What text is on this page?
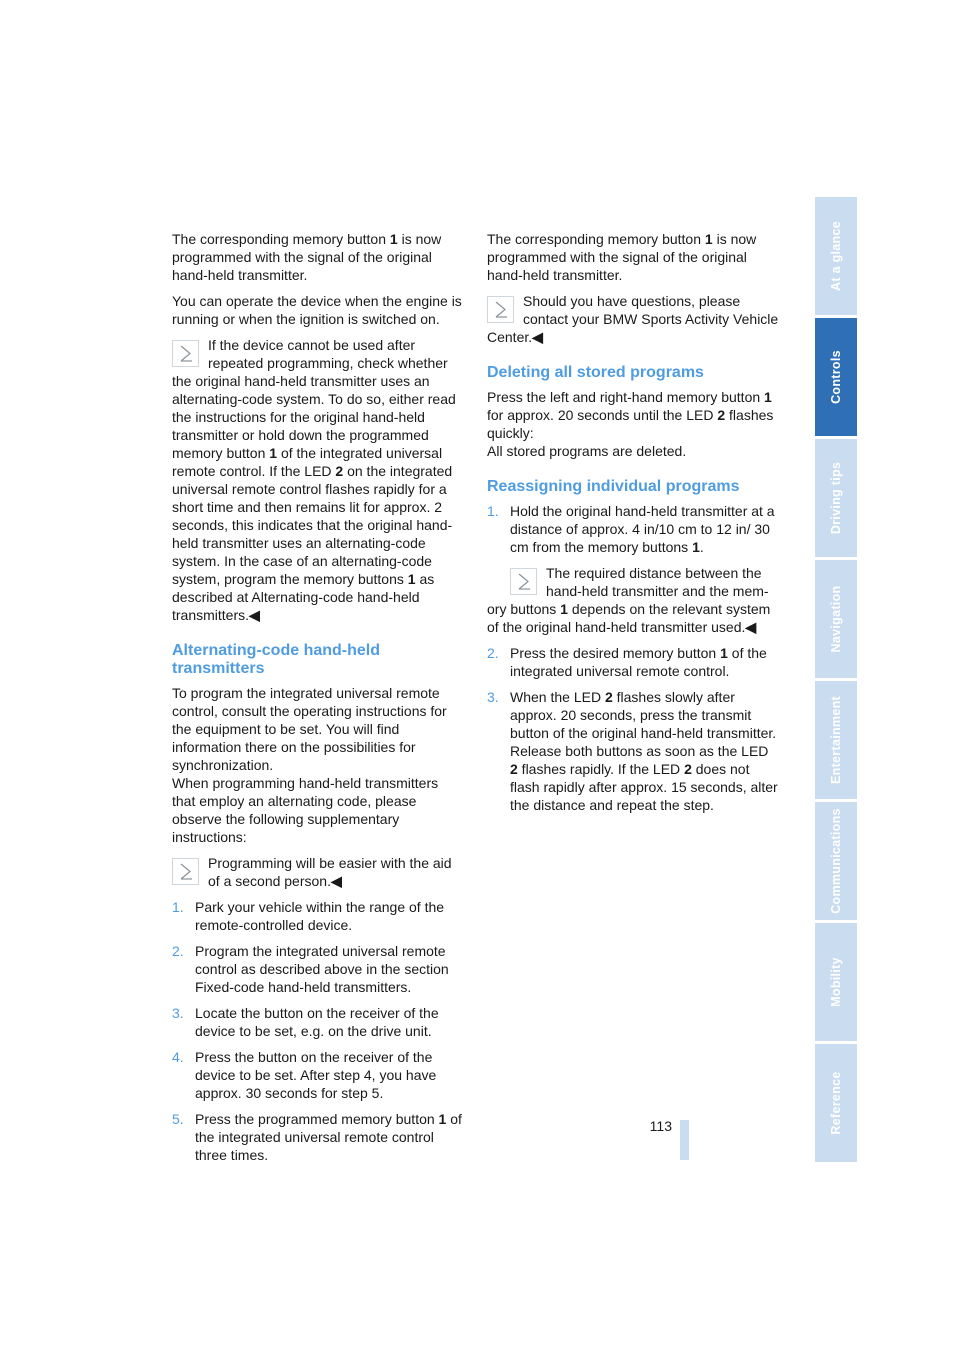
The corresponding memory button 1 is now programmed with the signal of the original hand-held transmitter.

You can operate the device when the engine is running or when the ignition is switched on.

If the device cannot be used after repeated programming, check whether
the original hand-held transmitter uses an alternating-code system. To do so, either read the instructions for the original hand-held transmitter or hold down the programmed memory button 1 of the integrated universal remote control. If the LED 2 on the integrated universal remote control flashes rapidly for a short time and then remains lit for approx. 2 seconds, this indicates that the original hand-held transmitter uses an alternating-code system. In the case of an alternating-code system, program the memory buttons 1 as described at Alternating-code hand-held transmitters.◀
Alternating-code hand-held transmitters

To program the integrated universal remote control, consult the operating instructions for the equipment to be set. You will find information there on the possibilities for synchronization.

When programming hand-held transmitters that employ an alternating code, please observe the following supplementary instructions:

Programming will be easier with the aid of a second person.◀
1. Park your vehicle within the range of the remote-controlled device.
2. Program the integrated universal remote control as described above in the section Fixed-code hand-held transmitters.
3. Locate the button on the receiver of the device to be set, e.g. on the drive unit.
4. Press the button on the receiver of the device to be set. After step 4, you have approx. 30 seconds for step 5.
5. Press the programmed memory button 1 of the integrated universal remote control three times.

The corresponding memory button 1 is now programmed with the signal of the original hand-held transmitter.

Should you have questions, please contact your BMW Sports Activity Vehicle
Center.◀
Deleting all stored programs

Press the left and right-hand memory button 1 for approx. 20 seconds until the LED 2 flashes quickly:

All stored programs are deleted.

Reassigning individual programs
1. Hold the original hand-held transmitter at a distance of approx. 4 in/10 cm to 12 in/ 30 cm from the memory buttons 1.
The required distance between the hand-held transmitter and the mem-
ory buttons 1 depends on the relevant system of the original hand-held transmitter used.◀
2. Press the desired memory button 1 of the integrated universal remote control.
3. When the LED 2 flashes slowly after approx. 20 seconds, press the transmit button of the original hand-held transmitter. Release both buttons as soon as the LED 2 flashes rapidly. If the LED 2 does not flash rapidly after approx. 15 seconds, alter the distance and repeat the step.
At a glance
Controls
Driving tips
Navigation
Entertainment
Communications
Mobility
Reference
113
